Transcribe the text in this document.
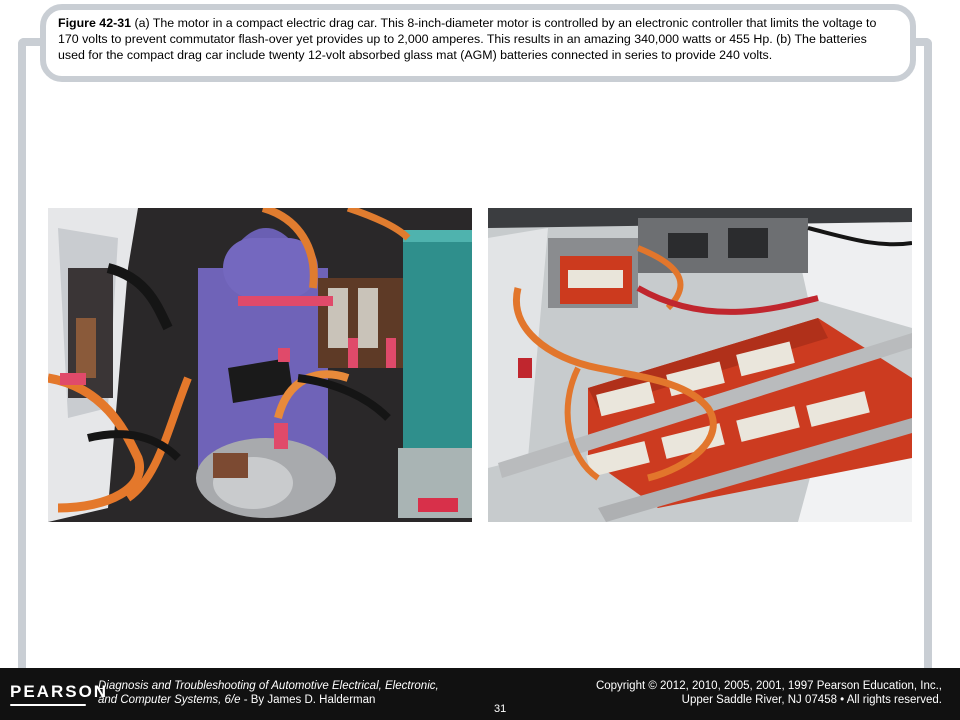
Figure 42-31 (a) The motor in a compact electric drag car. This 8-inch-diameter motor is controlled by an electronic controller that limits the voltage to 170 volts to prevent commutator flash-over yet provides up to 2,000 amperes. This results in an amazing 340,000 watts or 455 Hp. (b) The batteries used for the compact drag car include twenty 12-volt absorbed glass mat (AGM) batteries connected in series to provide 240 volts.
PEARSON
Diagnosis and Troubleshooting of Automotive Electrical, Electronic,
and Computer Systems, 6/e - By James D. Halderman
Copyright © 2012, 2010, 2005, 2001, 1997 Pearson Education, Inc.,
Upper Saddle River, NJ 07458 • All rights reserved.
31
